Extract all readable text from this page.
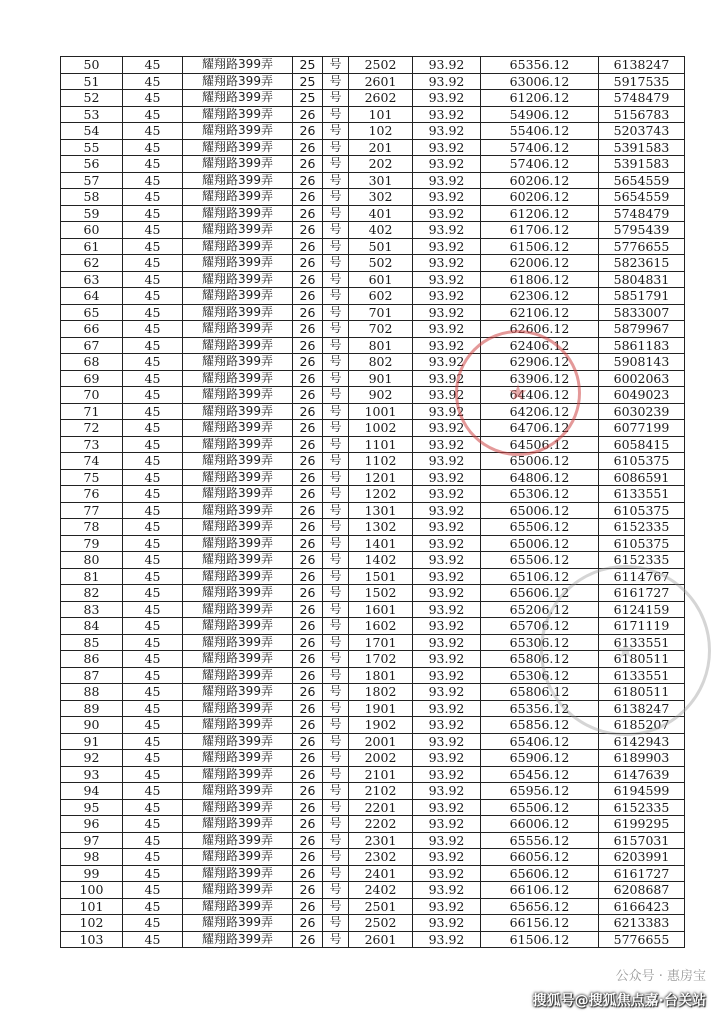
50	45	耀翔路399弄	25	号	2502	93.92	65356.12	6138247
51	45	耀翔路399弄	25	号	2601	93.92	63006.12	5917535
52	45	耀翔路399弄	25	号	2602	93.92	61206.12	5748479
53	45	耀翔路399弄	26	号	101	93.92	54906.12	5156783
54	45	耀翔路399弄	26	号	102	93.92	55406.12	5203743
55	45	耀翔路399弄	26	号	201	93.92	57406.12	5391583
56	45	耀翔路399弄	26	号	202	93.92	57406.12	5391583
57	45	耀翔路399弄	26	号	301	93.92	60206.12	5654559
58	45	耀翔路399弄	26	号	302	93.92	60206.12	5654559
59	45	耀翔路399弄	26	号	401	93.92	61206.12	5748479
60	45	耀翔路399弄	26	号	402	93.92	61706.12	5795439
61	45	耀翔路399弄	26	号	501	93.92	61506.12	5776655
62	45	耀翔路399弄	26	号	502	93.92	62006.12	5823615
63	45	耀翔路399弄	26	号	601	93.92	61806.12	5804831
64	45	耀翔路399弄	26	号	602	93.92	62306.12	5851791
65	45	耀翔路399弄	26	号	701	93.92	62106.12	5833007
66	45	耀翔路399弄	26	号	702	93.92	62606.12	5879967
67	45	耀翔路399弄	26	号	801	93.92	62406.12	5861183
68	45	耀翔路399弄	26	号	802	93.92	62906.12	5908143
69	45	耀翔路399弄	26	号	901	93.92	63906.12	6002063
70	45	耀翔路399弄	26	号	902	93.92	64406.12	6049023
71	45	耀翔路399弄	26	号	1001	93.92	64206.12	6030239
72	45	耀翔路399弄	26	号	1002	93.92	64706.12	6077199
73	45	耀翔路399弄	26	号	1101	93.92	64506.12	6058415
74	45	耀翔路399弄	26	号	1102	93.92	65006.12	6105375
75	45	耀翔路399弄	26	号	1201	93.92	64806.12	6086591
76	45	耀翔路399弄	26	号	1202	93.92	65306.12	6133551
77	45	耀翔路399弄	26	号	1301	93.92	65006.12	6105375
78	45	耀翔路399弄	26	号	1302	93.92	65506.12	6152335
79	45	耀翔路399弄	26	号	1401	93.92	65006.12	6105375
80	45	耀翔路399弄	26	号	1402	93.92	65506.12	6152335
81	45	耀翔路399弄	26	号	1501	93.92	65106.12	6114767
82	45	耀翔路399弄	26	号	1502	93.92	65606.12	6161727
83	45	耀翔路399弄	26	号	1601	93.92	65206.12	6124159
84	45	耀翔路399弄	26	号	1602	93.92	65706.12	6171119
85	45	耀翔路399弄	26	号	1701	93.92	65306.12	6133551
86	45	耀翔路399弄	26	号	1702	93.92	65806.12	6180511
87	45	耀翔路399弄	26	号	1801	93.92	65306.12	6133551
88	45	耀翔路399弄	26	号	1802	93.92	65806.12	6180511
89	45	耀翔路399弄	26	号	1901	93.92	65356.12	6138247
90	45	耀翔路399弄	26	号	1902	93.92	65856.12	6185207
91	45	耀翔路399弄	26	号	2001	93.92	65406.12	6142943
92	45	耀翔路399弄	26	号	2002	93.92	65906.12	6189903
93	45	耀翔路399弄	26	号	2101	93.92	65456.12	6147639
94	45	耀翔路399弄	26	号	2102	93.92	65956.12	6194599
95	45	耀翔路399弄	26	号	2201	93.92	65506.12	6152335
96	45	耀翔路399弄	26	号	2202	93.92	66006.12	6199295
97	45	耀翔路399弄	26	号	2301	93.92	65556.12	6157031
98	45	耀翔路399弄	26	号	2302	93.92	66056.12	6203991
99	45	耀翔路399弄	26	号	2401	93.92	65606.12	6161727
100	45	耀翔路399弄	26	号	2402	93.92	66106.12	6208687
101	45	耀翔路399弄	26	号	2501	93.92	65656.12	6166423
102	45	耀翔路399弄	26	号	2502	93.92	66156.12	6213383
103	45	耀翔路399弄	26	号	2601	93.92	61506.12	5776655
公众号 · 惠房宝
搜狐号@搜狐焦点嘉·台关站
